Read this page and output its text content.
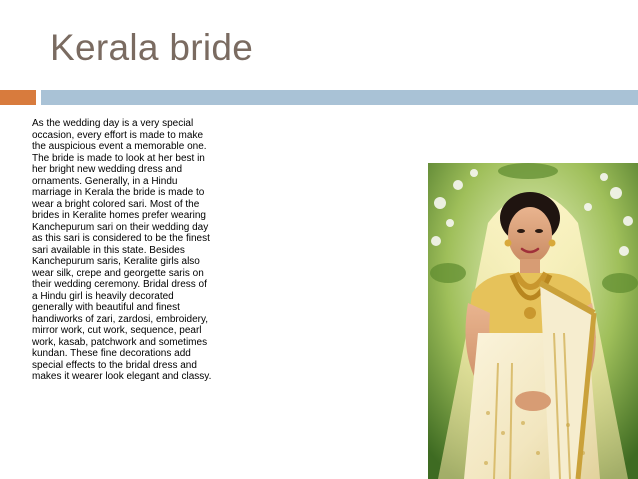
Kerala bride

As the wedding day is a very special occasion, every effort is made to make the auspicious event a memorable one. The bride is made to look at her best in her bright new wedding dress and ornaments. Generally, in a Hindu marriage in Kerala the bride is made to wear a bright colored sari. Most of the brides in Keralite homes prefer wearing Kanchepurum sari on their wedding day as this sari is considered to be the finest sari available in this state. Besides Kanchepurum saris, Keralite girls also wear silk, crepe and georgette saris on their wedding ceremony. Bridal dress of a Hindu girl is heavily decorated generally with beautiful and finest handiworks of zari, zardosi, embroidery, mirror work, cut work, sequence, pearl work, kasab, patchwork and sometimes kundan. These fine decorations add special effects to the bridal dress and makes it wearer look elegant and classy.
